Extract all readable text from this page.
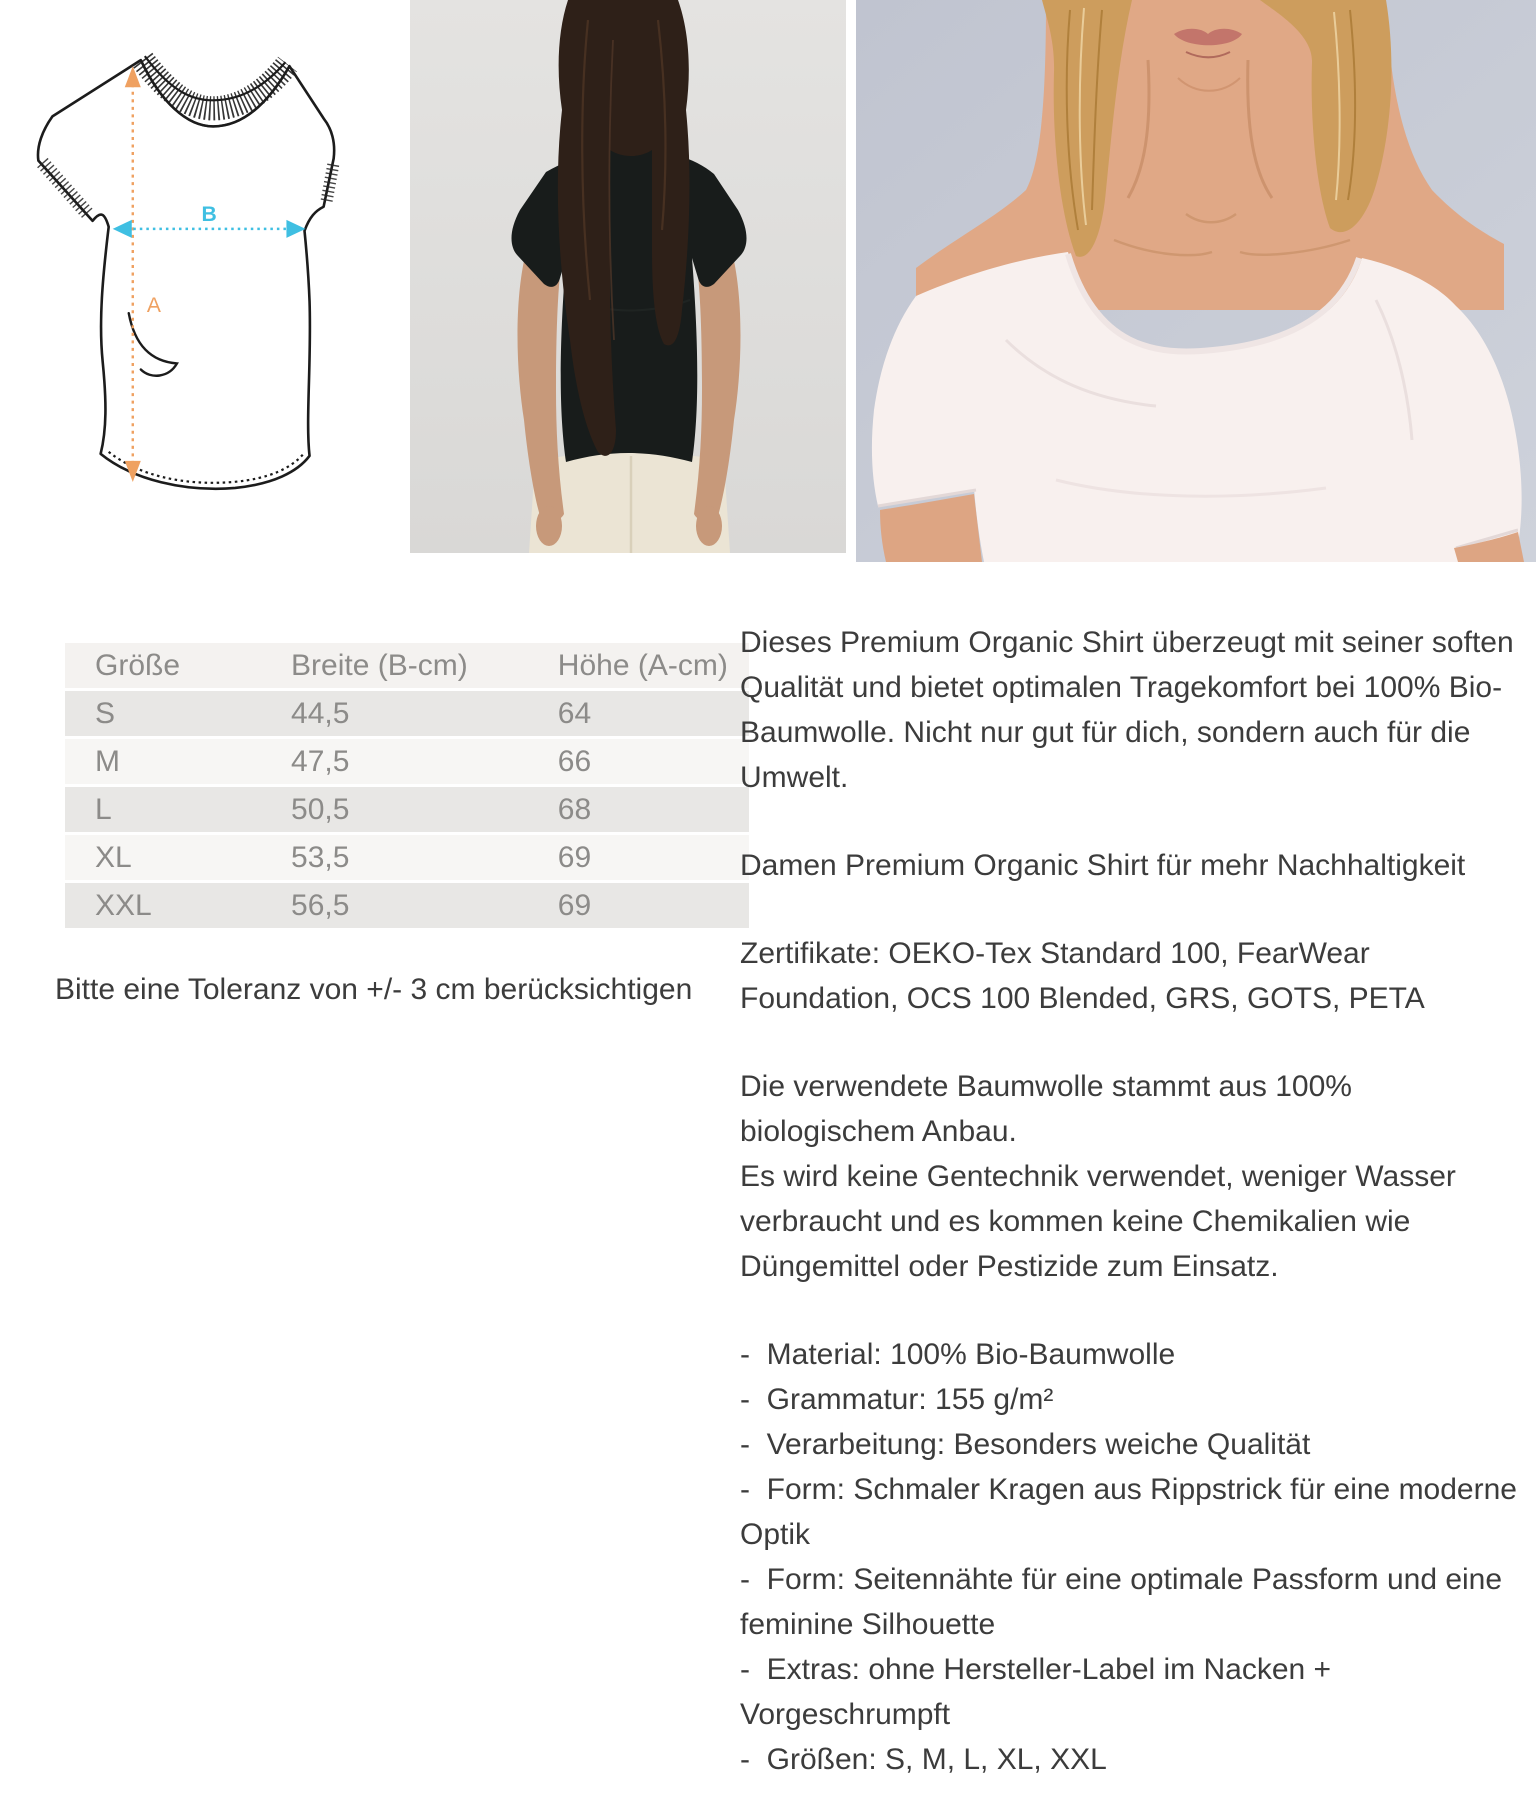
A
B
Größe	Breite (B-cm)	Höhe (A-cm)
S	44,5	64
M	47,5	66
L	50,5	68
XL	53,5	69
XXL	56,5	69
Bitte eine Toleranz von +/- 3 cm berücksichtigen
Dieses Premium Organic Shirt überzeugt mit seiner soften Qualität und bietet optimalen Tragekomfort bei 100% Bio-Baumwolle. Nicht nur gut für dich, sondern auch für die Umwelt.
Damen Premium Organic Shirt für mehr Nachhaltigkeit
Zertifikate: OEKO-Tex Standard 100, FearWear Foundation, OCS 100 Blended, GRS, GOTS, PETA
Die verwendete Baumwolle stammt aus 100% biologischem Anbau.
Es wird keine Gentechnik verwendet, weniger Wasser verbraucht und es kommen keine Chemikalien wie Düngemittel oder Pestizide zum Einsatz.
-  Material: 100% Bio-Baumwolle
-  Grammatur: 155 g/m²
-  Verarbeitung: Besonders weiche Qualität
-  Form: Schmaler Kragen aus Rippstrick für eine moderne Optik
-  Form: Seitennähte für eine optimale Passform und eine feminine Silhouette
-  Extras: ohne Hersteller-Label im Nacken + Vorgeschrumpft
-  Größen: S, M, L, XL, XXL
